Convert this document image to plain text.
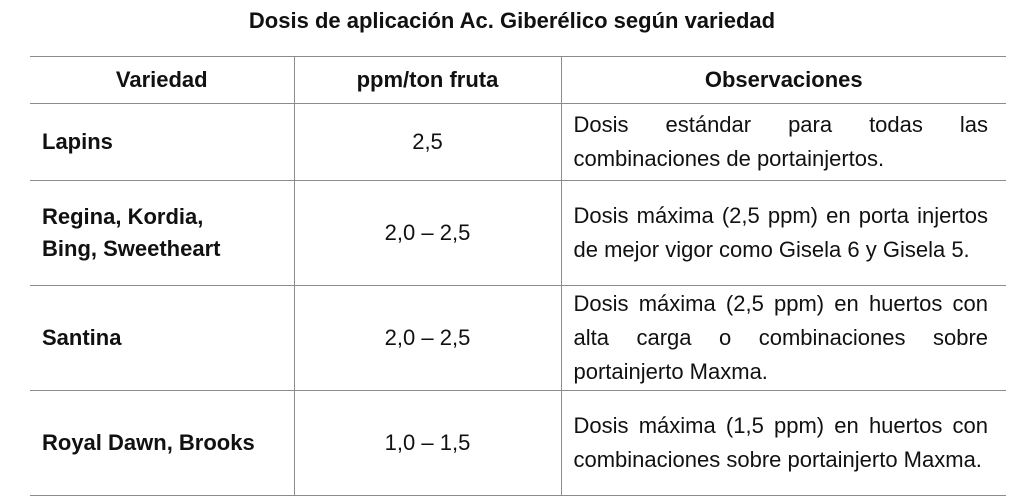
Dosis de aplicación Ac. Giberélico según variedad
Variedad	ppm/ton fruta	Observaciones

Lapins	2,5	Dosis estándar para todas las combinaciones de portainjertos.

Regina, Kordia,
Bing, Sweetheart	2,0 – 2,5	Dosis máxima (2,5 ppm) en porta injertos de mejor vigor como Gisela 6 y Gisela 5.

Santina	2,0 – 2,5	Dosis máxima (2,5 ppm) en huertos con alta carga o combinaciones sobre portainjerto Maxma.

Royal Dawn, Brooks	1,0 – 1,5	Dosis máxima (1,5 ppm) en huertos con combinaciones sobre portainjerto Maxma.
